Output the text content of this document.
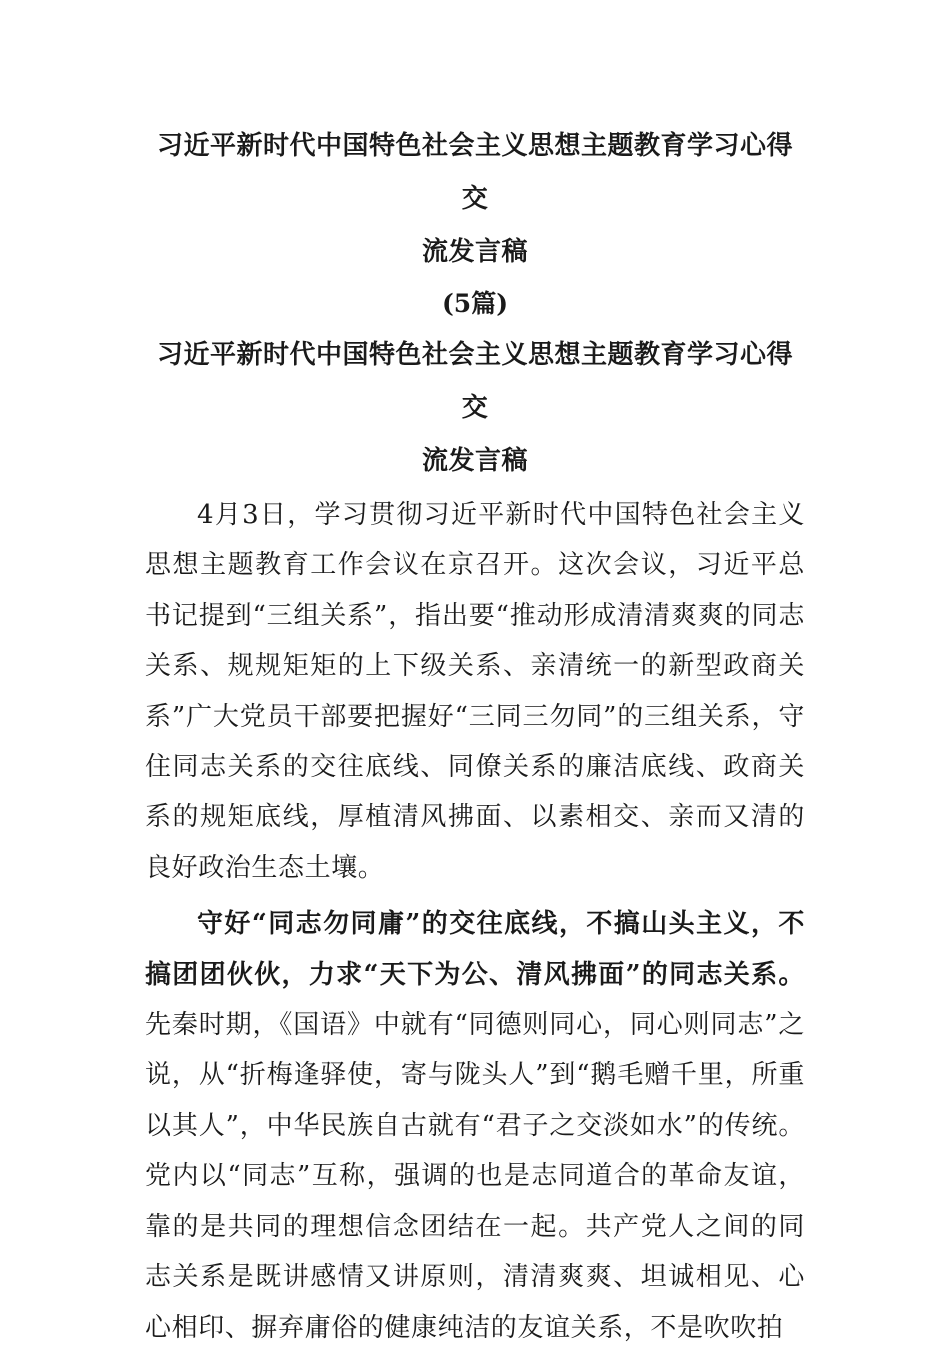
习近平新时代中国特色社会主义思想主题教育学习心得交
流发言稿
(5篇)
习近平新时代中国特色社会主义思想主题教育学习心得交
流发言稿

4月3日，学习贯彻习近平新时代中国特色社会主义思想主题教育工作会议在京召开。这次会议，习近平总书记提到“三组关系”，指出要“推动形成清清爽爽的同志关系、规规矩矩的上下级关系、亲清统一的新型政商关系”广大党员干部要把握好“三同三勿同”的三组关系，守住同志关系的交往底线、同僚关系的廉洁底线、政商关系的规矩底线，厚植清风拂面、以素相交、亲而又清的良好政治生态土壤。

守好“同志勿同庸”的交往底线，不搞山头主义，不搞团团伙伙，力求“天下为公、清风拂面”的同志关系。先秦时期，《国语》中就有“同德则同心，同心则同志”之说，从“折梅逢驿使，寄与陇头人”到“鹅毛赠千里，所重以其人”，中华民族自古就有“君子之交淡如水”的传统。党内以“同志”互称，强调的也是志同道合的革命友谊，靠的是共同的理想信念团结在一起。共产党人之间的同志关系是既讲感情又讲原则，清清爽爽、坦诚相见、心心相印、摒弃庸俗的健康纯洁的友谊关系，不是吹吹拍
